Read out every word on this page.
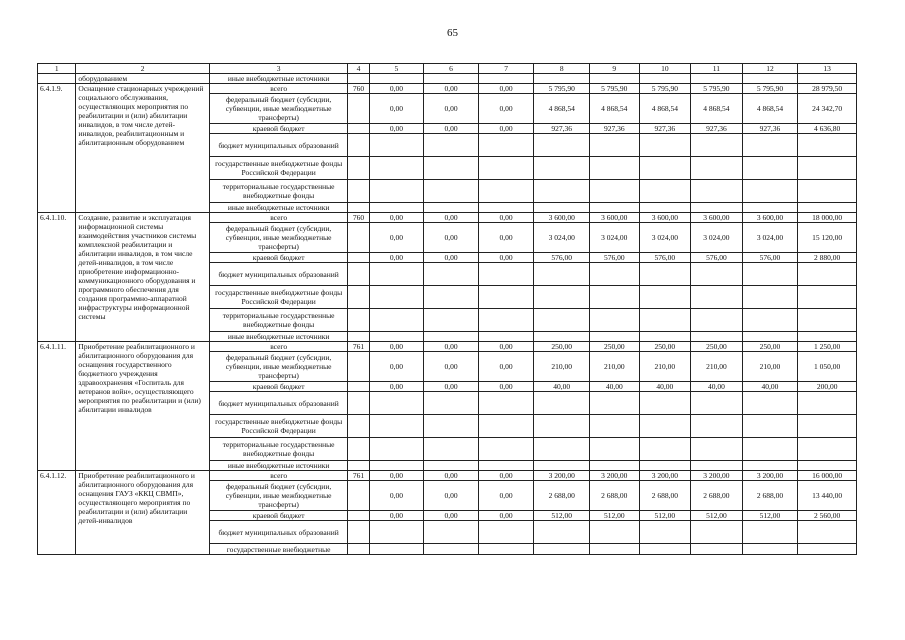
65
1	2	3	4	5	6	7	8	9	10	11	12	13
	оборудованием	иные внебюджетные источники										
6.4.1.9.	Оснащение стационарных учреждений социального обслуживания, осуществляющих мероприятия по реабилитации и (или) абилитации инвалидов, в том числе детей-инвалидов, реабилитационным и абилитационным оборудованием	всего	760	0,00	0,00	0,00	5 795,90	5 795,90	5 795,90	5 795,90	5 795,90	28 979,50
		федеральный бюджет (субсидии, субвенции, иные межбюджетные трансферты)		0,00	0,00	0,00	4 868,54	4 868,54	4 868,54	4 868,54	4 868,54	24 342,70
		краевой бюджет		0,00	0,00	0,00	927,36	927,36	927,36	927,36	927,36	4 636,80
		бюджет муниципальных образований										
		государственные внебюджетные фонды Российской Федерации										
		территориальные государственные внебюджетные фонды										
		иные внебюджетные источники										
6.4.1.10.	Создание, развитие и эксплуатация информационной системы взаимодействия участников системы комплексной реабилитации и абилитации инвалидов, в том числе детей-инвалидов, в том числе приобретение информационно-коммуникационного оборудования и программного обеспечения для создания программно-аппаратной инфраструктуры информационной системы	всего	760	0,00	0,00	0,00	3 600,00	3 600,00	3 600,00	3 600,00	3 600,00	18 000,00
		федеральный бюджет (субсидии, субвенции, иные межбюджетные трансферты)		0,00	0,00	0,00	3 024,00	3 024,00	3 024,00	3 024,00	3 024,00	15 120,00
		краевой бюджет		0,00	0,00	0,00	576,00	576,00	576,00	576,00	576,00	2 880,00
		бюджет муниципальных образований										
		государственные внебюджетные фонды Российской Федерации										
		территориальные государственные внебюджетные фонды										
		иные внебюджетные источники										
6.4.1.11.	Приобретение реабилитационного и абилитационного оборудования для оснащения государственного бюджетного учреждения здравоохранения «Госпиталь для ветеранов войн», осуществляющего мероприятия по реабилитации и (или) абилитации инвалидов	всего	761	0,00	0,00	0,00	250,00	250,00	250,00	250,00	250,00	1 250,00
		федеральный бюджет (субсидии, субвенции, иные межбюджетные трансферты)		0,00	0,00	0,00	210,00	210,00	210,00	210,00	210,00	1 050,00
		краевой бюджет		0,00	0,00	0,00	40,00	40,00	40,00	40,00	40,00	200,00
		бюджет муниципальных образований										
		государственные внебюджетные фонды Российской Федерации										
		территориальные государственные внебюджетные фонды										
		иные внебюджетные источники										
6.4.1.12.	Приобретение реабилитационного и абилитационного оборудования для оснащения ГАУЗ «ККЦ СВМП», осуществляющего мероприятия по реабилитации и (или) абилитации детей-инвалидов	всего	761	0,00	0,00	0,00	3 200,00	3 200,00	3 200,00	3 200,00	3 200,00	16 000,00
		федеральный бюджет (субсидии, субвенции, иные межбюджетные трансферты)		0,00	0,00	0,00	2 688,00	2 688,00	2 688,00	2 688,00	2 688,00	13 440,00
		краевой бюджет		0,00	0,00	0,00	512,00	512,00	512,00	512,00	512,00	2 560,00
		бюджет муниципальных образований										
		государственные внебюджетные										
